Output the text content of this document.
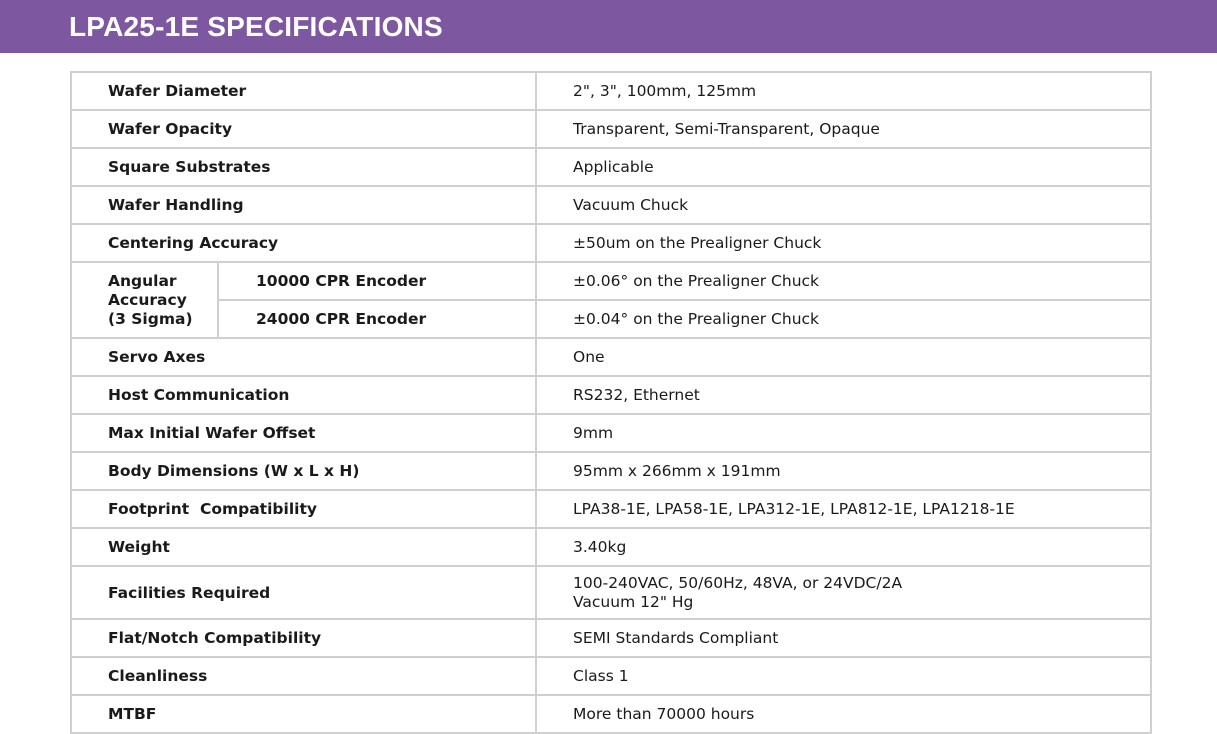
LPA25-1E SPECIFICATIONS
Wafer Diameter		2", 3", 100mm, 125mm
Wafer Opacity		Transparent, Semi-Transparent, Opaque
Square Substrates		Applicable
Wafer Handling		Vacuum Chuck
Centering Accuracy		±50um on the Prealigner Chuck

Angular
Accuracy
(3 Sigma)	10000 CPR Encoder	±0.06° on the Prealigner Chuck
	24000 CPR Encoder	±0.04° on the Prealigner Chuck
Servo Axes		One
Host Communication		RS232, Ethernet
Max Initial Wafer Offset		9mm
Body Dimensions (W x L x H)		95mm x 266mm x 191mm
Footprint  Compatibility		LPA38-1E, LPA58-1E, LPA312-1E, LPA812-1E, LPA1218-1E
Weight		3.40kg
Facilities Required		100-240VAC, 50/60Hz, 48VA, or 24VDC/2A
Vacuum 12" Hg

Flat/Notch Compatibility		SEMI Standards Compliant
Cleanliness		Class 1
MTBF		More than 70000 hours
